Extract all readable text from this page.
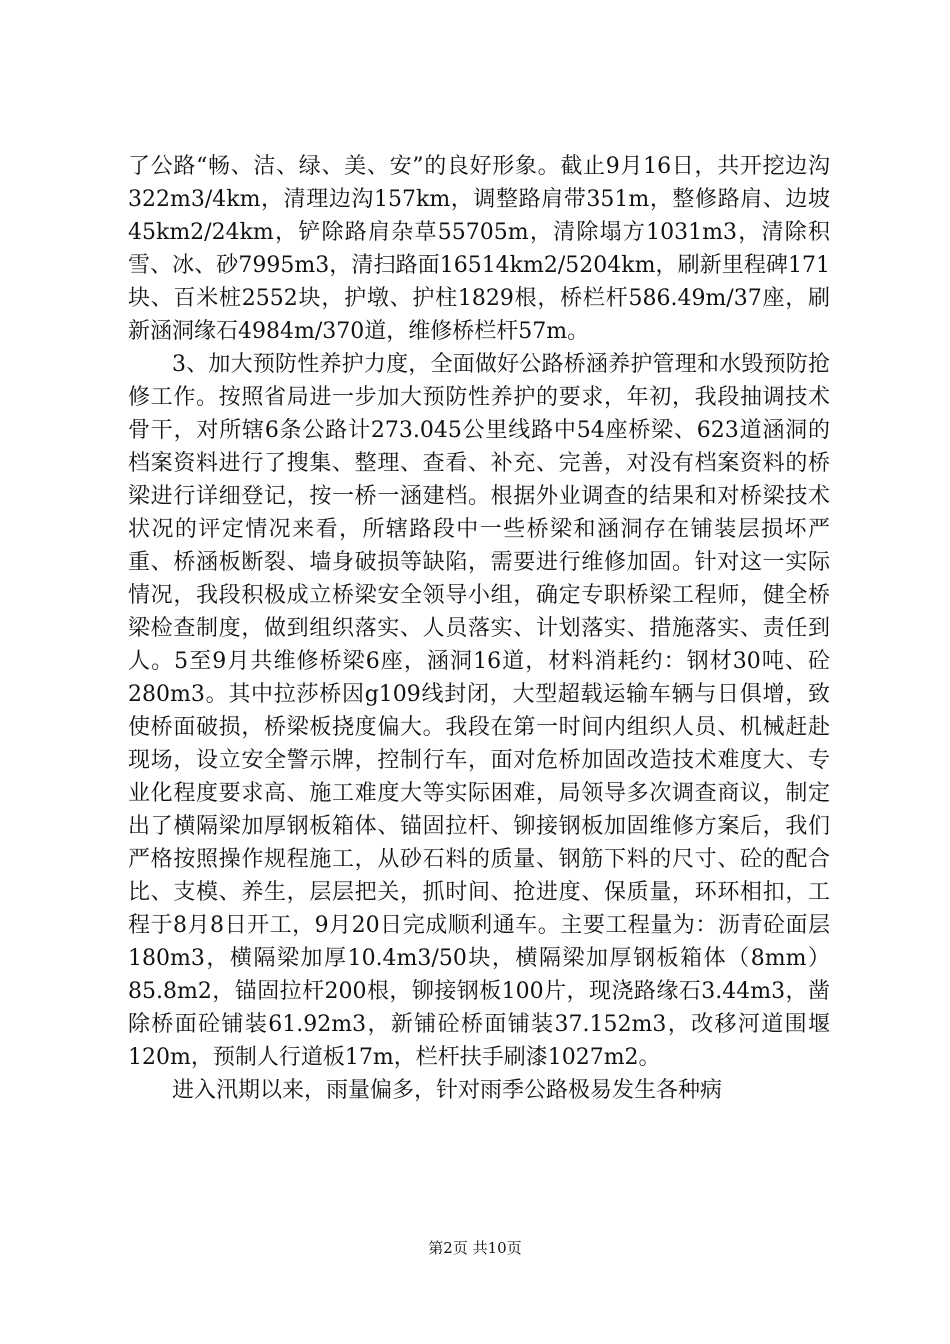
了公路“畅、洁、绿、美、安”的良好形象。截止9月16日，共开挖边沟322m3/4km，清理边沟157km，调整路肩带351m，整修路肩、边坡45km2/24km，铲除路肩杂草55705m，清除塌方1031m3，清除积雪、冰、砂7995m3，清扫路面16514km2/5204km，刷新里程碑171块、百米桩2552块，护墩、护柱1829根，桥栏杆586.49m/37座，刷新涵洞缘石4984m/370道，维修桥栏杆57m。

3、加大预防性养护力度，全面做好公路桥涵养护管理和水毁预防抢修工作。按照省局进一步加大预防性养护的要求，年初，我段抽调技术骨干，对所辖6条公路计273.045公里线路中54座桥梁、623道涵洞的档案资料进行了搜集、整理、查看、补充、完善，对没有档案资料的桥梁进行详细登记，按一桥一涵建档。根据外业调查的结果和对桥梁技术状况的评定情况来看，所辖路段中一些桥梁和涵洞存在铺装层损坏严重、桥涵板断裂、墙身破损等缺陷，需要进行维修加固。针对这一实际情况，我段积极成立桥梁安全领导小组，确定专职桥梁工程师，健全桥梁检查制度，做到组织落实、人员落实、计划落实、措施落实、责任到人。5至9月共维修桥梁6座，涵洞16道，材料消耗约：钢材30吨、砼280m3。其中拉莎桥因g109线封闭，大型超载运输车辆与日俱增，致使桥面破损，桥梁板挠度偏大。我段在第一时间内组织人员、机械赶赴现场，设立安全警示牌，控制行车，面对危桥加固改造技术难度大、专业化程度要求高、施工难度大等实际困难，局领导多次调查商议，制定出了横隔梁加厚钢板箱体、锚固拉杆、铆接钢板加固维修方案后，我们严格按照操作规程施工，从砂石料的质量、钢筋下料的尺寸、砼的配合比、支模、养生，层层把关，抓时间、抢进度、保质量，环环相扣，工程于8月8日开工，9月20日完成顺利通车。主要工程量为：沥青砼面层180m3，横隔梁加厚10.4m3/50块，横隔梁加厚钢板箱体（8mm）85.8m2，锚固拉杆200根，铆接钢板100片，现浇路缘石3.44m3，凿除桥面砼铺装61.92m3，新铺砼桥面铺装37.152m3，改移河道围堰120m，预制人行道板17m，栏杆扶手刷漆1027m2。

进入汛期以来，雨量偏多，针对雨季公路极易发生各种病

第2页 共10页
